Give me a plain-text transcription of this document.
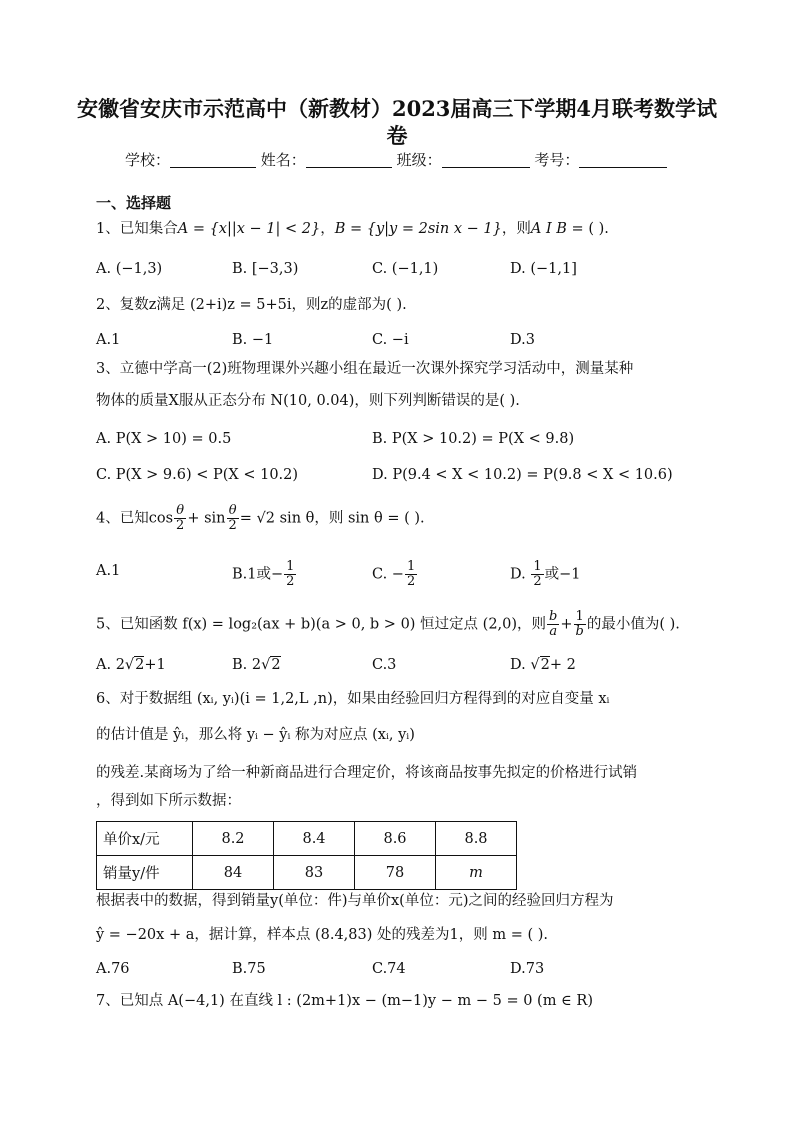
安徽省安庆市示范高中（新教材）2023届高三下学期4月联考数学试
卷
学校：	姓名：	班级：	考号：
一、选择题
1、已知集合A = {x||x − 1| < 2}，B = {y|y = 2sin x − 1}，则A I B = ( ).
A. (−1,3)	B. [−3,3)	C. (−1,1)	D. (−1,1]
2、复数z满足 (2+i)z = 5+5i，则z的虚部为( ).
A.1	B. −1	C. −i	D.3
3、立德中学高一(2)班物理课外兴趣小组在最近一次课外探究学习活动中，测量某种
物体的质量X服从正态分布 N(10, 0.04)，则下列判断错误的是( ).
A. P(X > 10) = 0.5	B. P(X > 10.2) = P(X < 9.8)
C. P(X > 9.6) < P(X < 10.2)	D. P(9.4 < X < 10.2) = P(9.8 < X < 10.6)
4、已知$\cos \frac{\theta}{2} + \sin \frac{\theta}{2} = √2$ sin θ，则 sin θ = ( ).
A.1	B.1或− $\frac{1}{2}$	C. − $\frac{1}{2}$	D. $\frac{1}{2}$ 或−1
5、已知函数 f(x) = log₂(ax + b)(a > 0, b > 0) 恒过定点 (2,0)，则 $\frac{b}{a} + \frac{1}{b}$ 的最小值为( ).
A. 2√2+1	B. 2√2	C.3	D. √2+ 2
6、对于数据组 (xᵢ, yᵢ)(i = 1,2,L ,n)，如果由经验回归方程得到的对应自变量 xᵢ
的估计值是 ŷᵢ，那么将 yᵢ − ŷᵢ 称为对应点 (xᵢ, yᵢ)
的残差.某商场为了给一种新商品进行合理定价，将该商品按事先拟定的价格进行试销
，得到如下所示数据：
单价x/元	8.2	8.4	8.6	8.8
销量y/件	84	83	78	m
根据表中的数据，得到销量y(单位：件)与单价x(单位：元)之间的经验回归方程为
ŷ = −20x + a，据计算，样本点 (8.4,83) 处的残差为1，则 m = ( ).
A.76	B.75	C.74	D.73
7、已知点 A(−4,1) 在直线 l : (2m+1)x − (m−1)y − m − 5 = 0 (m ∈ R)
